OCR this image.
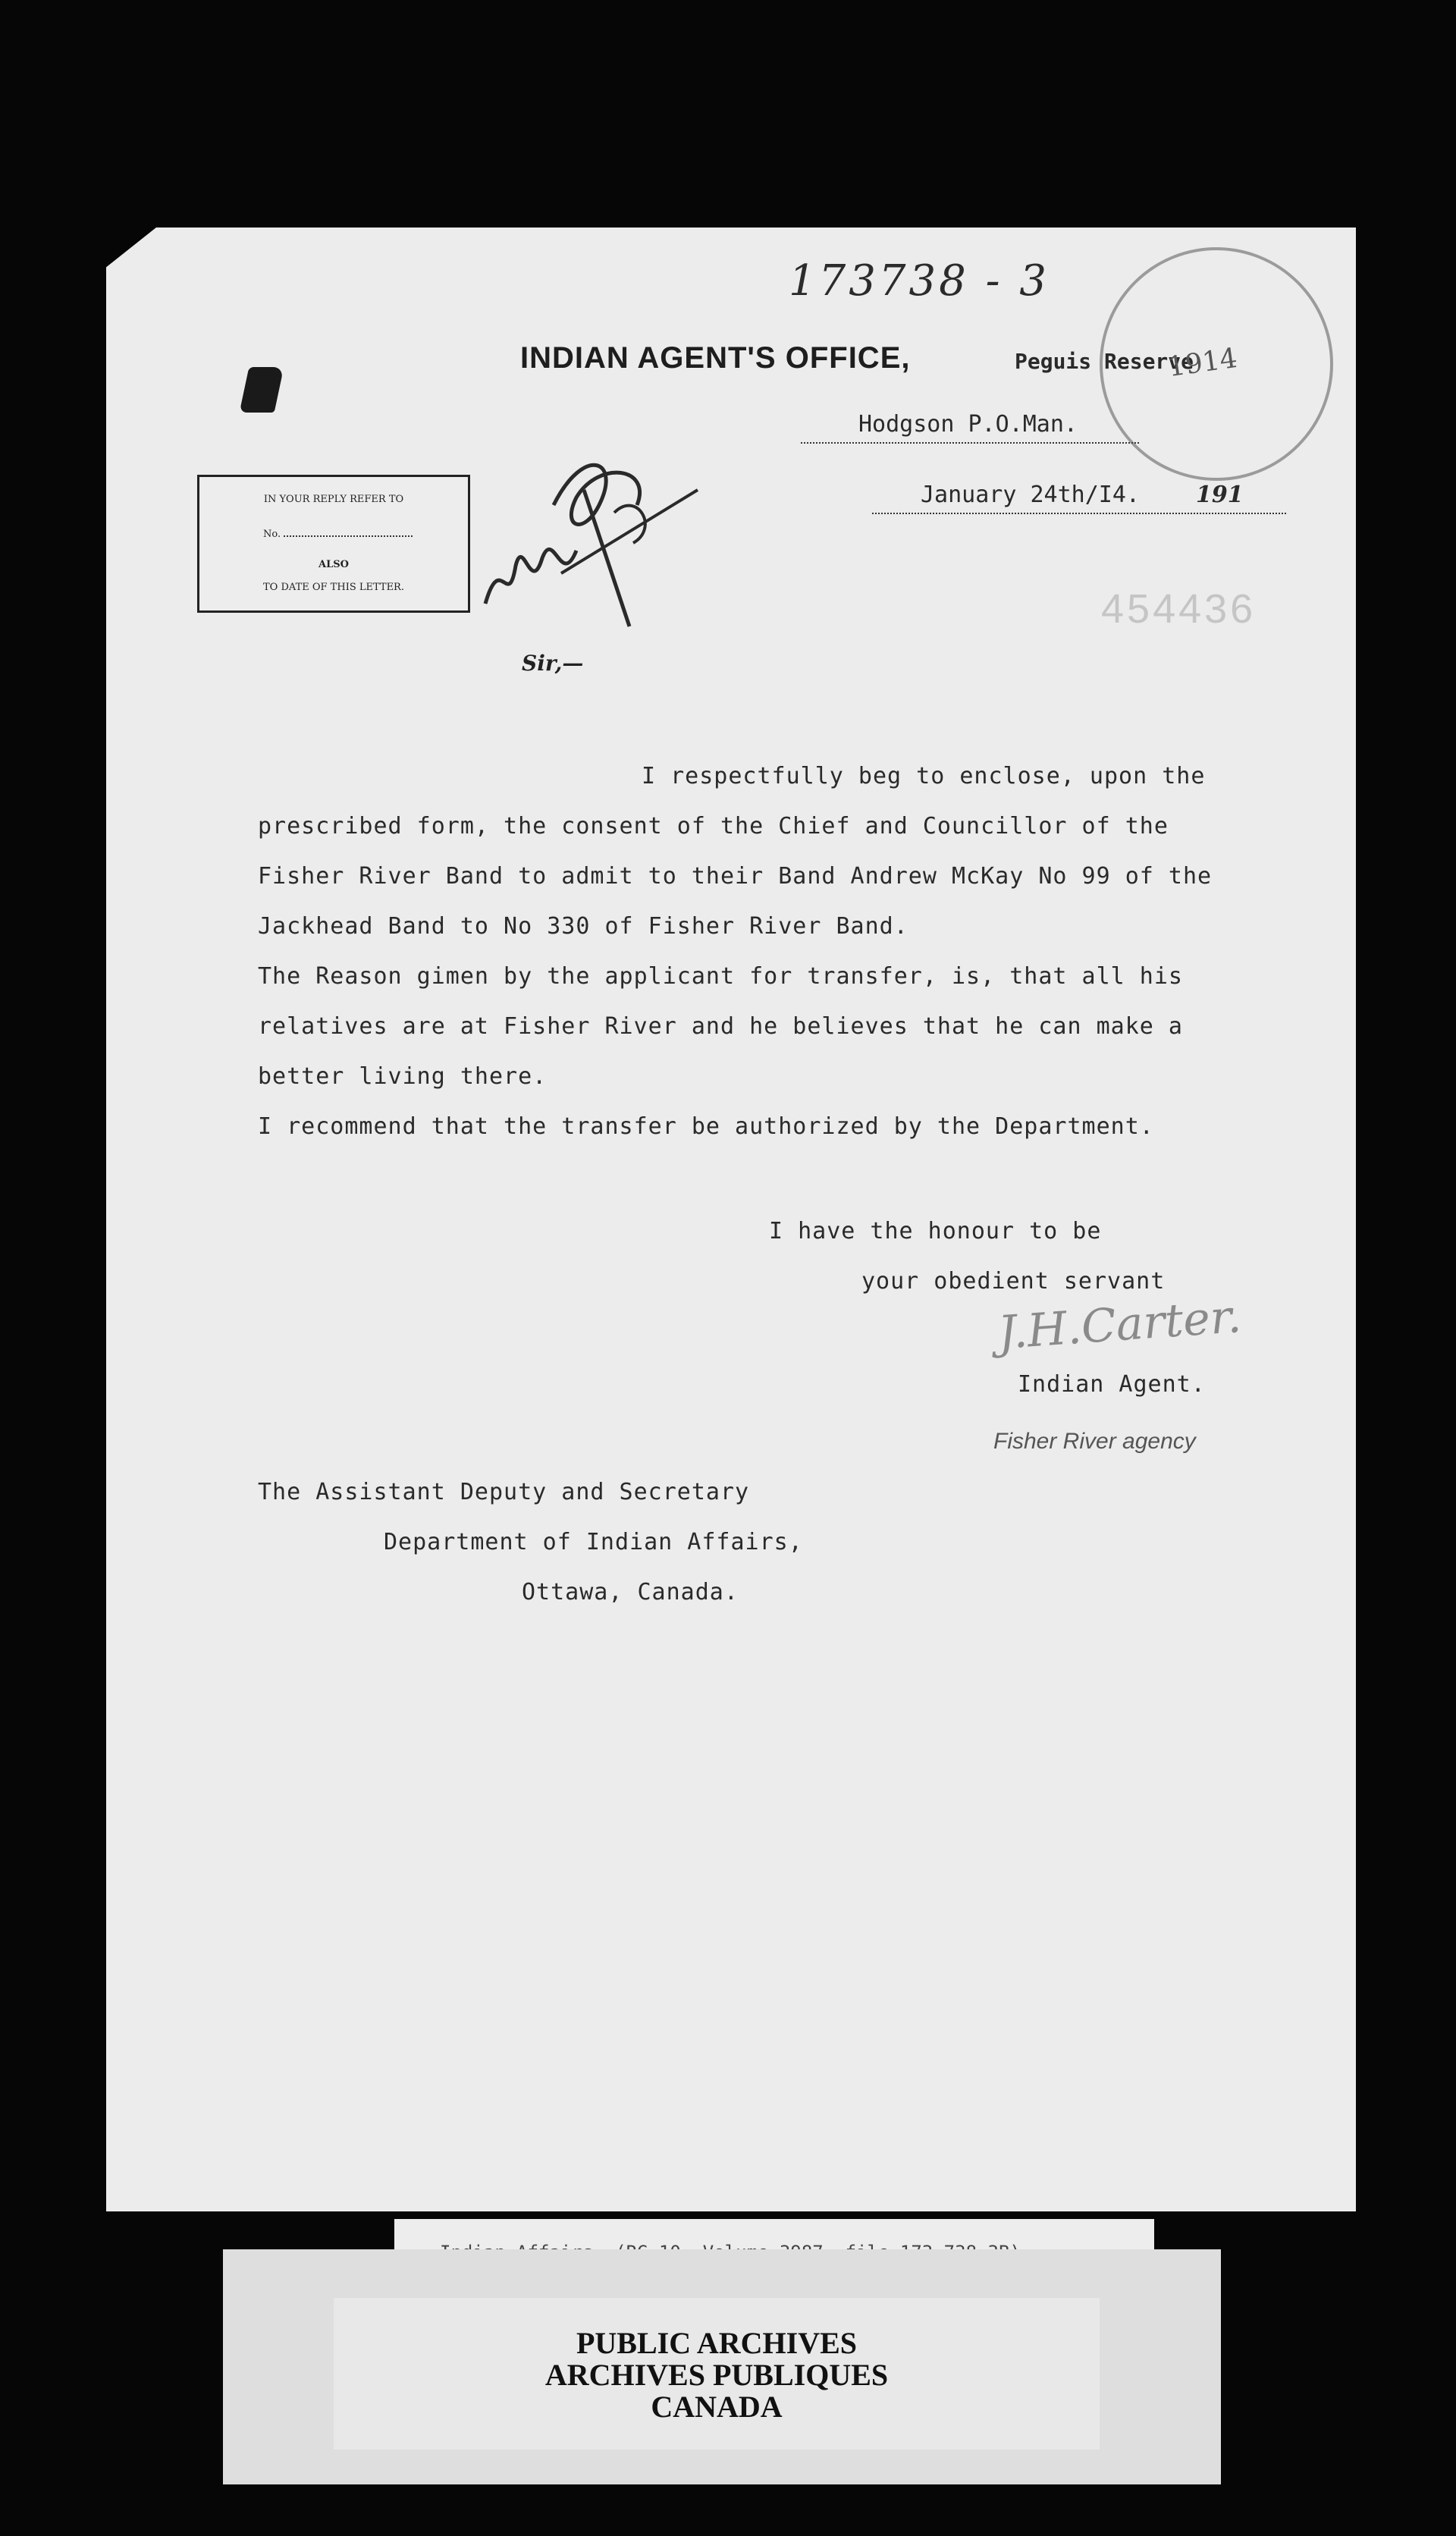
173738 - 3
INDIAN AGENT'S OFFICE,	Peguis Reserve
Hodgson P.O.Man.
January 24th/I4. 191
IN YOUR REPLY REFER TO
No.
ALSO
TO DATE OF THIS LETTER.
1914
454436
Sir,—
I respectfully beg to enclose, upon the
prescribed form, the consent of the Chief and Councillor of the
Fisher River Band to admit to their Band Andrew McKay No 99 of the
Jackhead Band to No 330 of Fisher River Band.
The Reason gimen by the applicant for transfer, is, that all his
relatives are at Fisher River and he believes that he can make a
better living there.
I recommend that the transfer be authorized by the Department.
I have the honour to be
your obedient servant
J.H.Carter.
Indian Agent.
Fisher River agency
The Assistant Deputy and Secretary
Department of Indian Affairs,
Ottawa, Canada.
PUBLIC ARCHIVES
ARCHIVES PUBLIQUES
CANADA
